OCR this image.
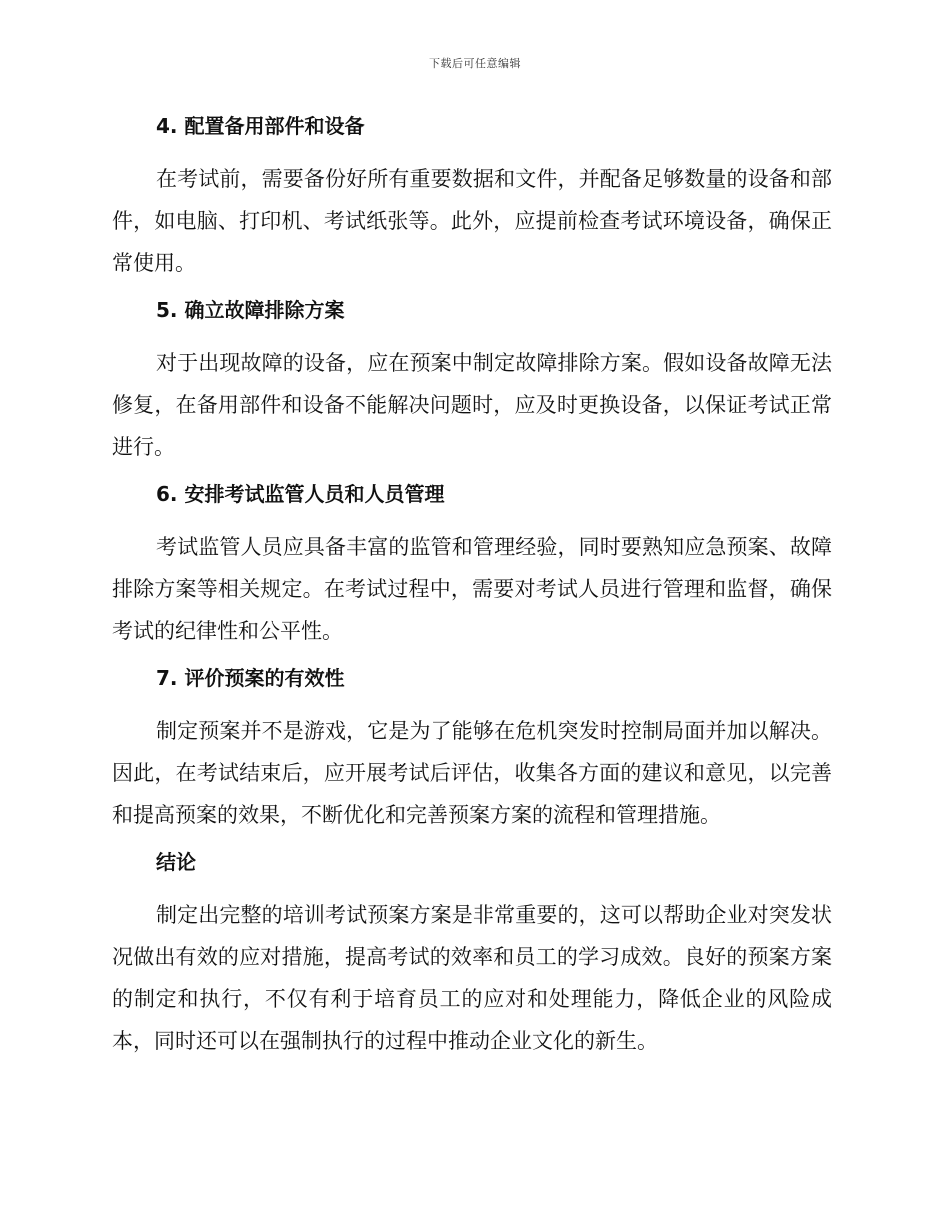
下载后可任意编辑
4. 配置备用部件和设备

在考试前，需要备份好所有重要数据和文件，并配备足够数量的设备和部件，如电脑、打印机、考试纸张等。此外，应提前检查考试环境设备，确保正常使用。

5. 确立故障排除方案

对于出现故障的设备，应在预案中制定故障排除方案。假如设备故障无法修复，在备用部件和设备不能解决问题时，应及时更换设备，以保证考试正常进行。

6. 安排考试监管人员和人员管理

考试监管人员应具备丰富的监管和管理经验，同时要熟知应急预案、故障排除方案等相关规定。在考试过程中，需要对考试人员进行管理和监督，确保考试的纪律性和公平性。

7. 评价预案的有效性

制定预案并不是游戏，它是为了能够在危机突发时控制局面并加以解决。因此，在考试结束后，应开展考试后评估，收集各方面的建议和意见，以完善和提高预案的效果，不断优化和完善预案方案的流程和管理措施。

结论

制定出完整的培训考试预案方案是非常重要的，这可以帮助企业对突发状况做出有效的应对措施，提高考试的效率和员工的学习成效。良好的预案方案的制定和执行，不仅有利于培育员工的应对和处理能力，降低企业的风险成本，同时还可以在强制执行的过程中推动企业文化的新生。
